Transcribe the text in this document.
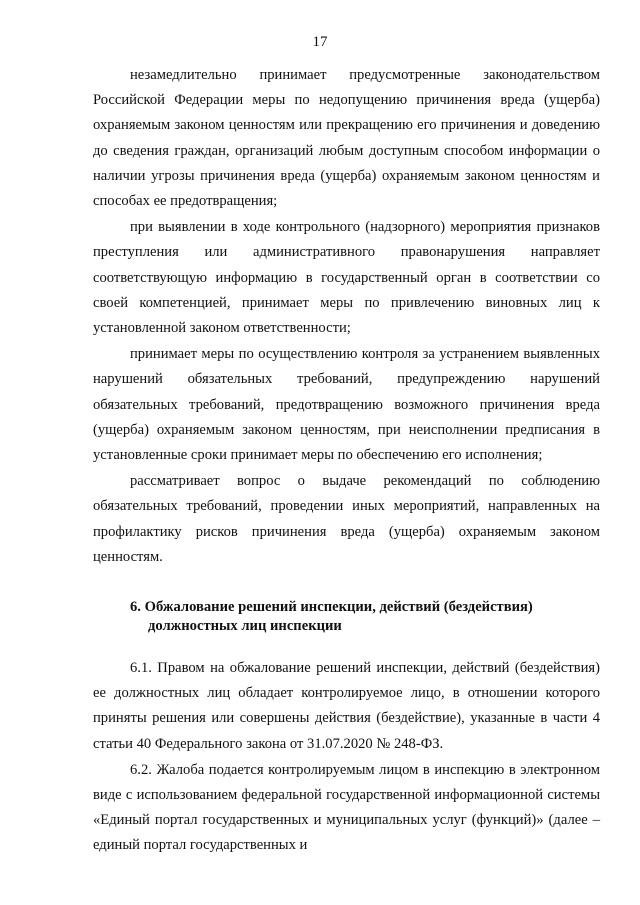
17

незамедлительно принимает предусмотренные законодательством Российской Федерации меры по недопущению причинения вреда (ущерба) охраняемым законом ценностям или прекращению его причинения и доведению до сведения граждан, организаций любым доступным способом информации о наличии угрозы причинения вреда (ущерба) охраняемым законом ценностям и способах ее предотвращения;

при выявлении в ходе контрольного (надзорного) мероприятия признаков преступления или административного правонарушения направляет соответствующую информацию в государственный орган в соответствии со своей компетенцией, принимает меры по привлечению виновных лиц к установленной законом ответственности;

принимает меры по осуществлению контроля за устранением выявленных нарушений обязательных требований, предупреждению нарушений обязательных требований, предотвращению возможного причинения вреда (ущерба) охраняемым законом ценностям, при неисполнении предписания в установленные сроки принимает меры по обеспечению его исполнения;

рассматривает вопрос о выдаче рекомендаций по соблюдению обязательных требований, проведении иных мероприятий, направленных на профилактику рисков причинения вреда (ущерба) охраняемым законом ценностям.

6. Обжалование решений инспекции, действий (бездействия)
должностных лиц инспекции

6.1. Правом на обжалование решений инспекции, действий (бездействия) ее должностных лиц обладает контролируемое лицо, в отношении которого приняты решения или совершены действия (бездействие), указанные в части 4 статьи 40 Федерального закона от 31.07.2020 № 248-ФЗ.

6.2. Жалоба подается контролируемым лицом в инспекцию в электронном виде с использованием федеральной государственной информационной системы «Единый портал государственных и муниципальных услуг (функций)» (далее – единый портал государственных и
